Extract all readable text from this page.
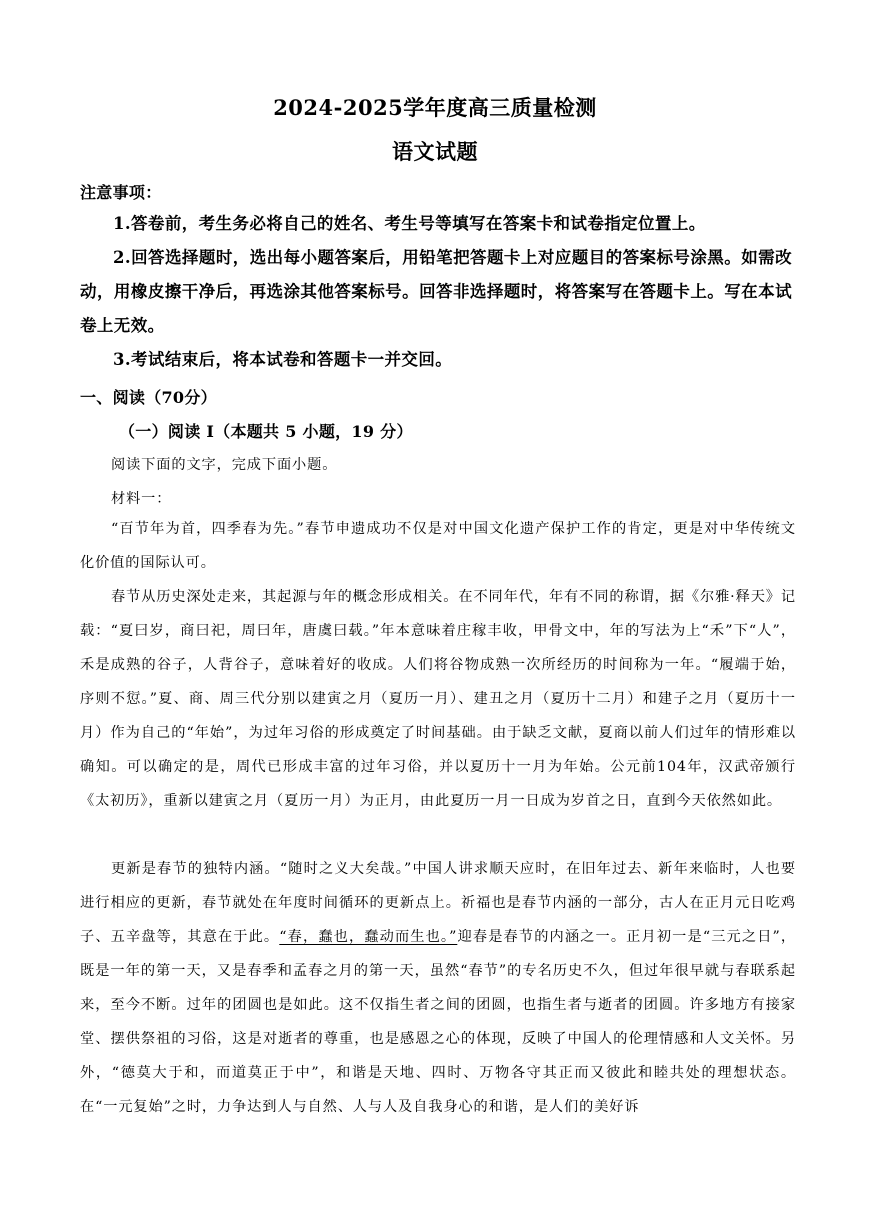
2024-2025学年度高三质量检测
语文试题
注意事项：
1.答卷前，考生务必将自己的姓名、考生号等填写在答案卡和试卷指定位置上。
2.回答选择题时，选出每小题答案后，用铅笔把答题卡上对应题目的答案标号涂黑。如需改动，用橡皮擦干净后，再选涂其他答案标号。回答非选择题时，将答案写在答题卡上。写在本试卷上无效。
3.考试结束后，将本试卷和答题卡一并交回。
一、阅读（70分）
（一）阅读 I（本题共 5 小题，19 分）
阅读下面的文字，完成下面小题。
材料一：
“百节年为首，四季春为先。”春节申遗成功不仅是对中国文化遗产保护工作的肯定，更是对中华传统文化价值的国际认可。
春节从历史深处走来，其起源与年的概念形成相关。在不同年代，年有不同的称谓，据《尔雅·释天》记载：“夏曰岁，商曰祀，周曰年，唐虞曰载。”年本意味着庄稼丰收，甲骨文中，年的写法为上“禾”下“人”，禾是成熟的谷子，人背谷子，意味着好的收成。人们将谷物成熟一次所经历的时间称为一年。“履端于始，序则不愆。”夏、商、周三代分别以建寅之月（夏历一月）、建丑之月（夏历十二月）和建子之月（夏历十一月）作为自己的“年始”，为过年习俗的形成奠定了时间基础。由于缺乏文献，夏商以前人们过年的情形难以确知。可以确定的是，周代已形成丰富的过年习俗，并以夏历十一月为年始。公元前104年，汉武帝颁行《太初历》，重新以建寅之月（夏历一月）为正月，由此夏历一月一日成为岁首之日，直到今天依然如此。
更新是春节的独特内涵。“随时之义大矣哉。”中国人讲求顺天应时，在旧年过去、新年来临时，人也要进行相应的更新，春节就处在年度时间循环的更新点上。祈福也是春节内涵的一部分，古人在正月元日吃鸡子、五辛盘等，其意在于此。“春，蠢也，蠢动而生也。”迎春是春节的内涵之一。正月初一是“三元之日”，既是一年的第一天，又是春季和孟春之月的第一天，虽然“春节”的专名历史不久，但过年很早就与春联系起来，至今不断。过年的团圆也是如此。这不仅指生者之间的团圆，也指生者与逝者的团圆。许多地方有接家堂、摆供祭祖的习俗，这是对逝者的尊重，也是感恩之心的体现，反映了中国人的伦理情感和人文关怀。另外，“德莫大于和，而道莫正于中”，和谐是天地、四时、万物各守其正而又彼此和睦共处的理想状态。在“一元复始”之时，力争达到人与自然、人与人及自我身心的和谐，是人们的美好诉
